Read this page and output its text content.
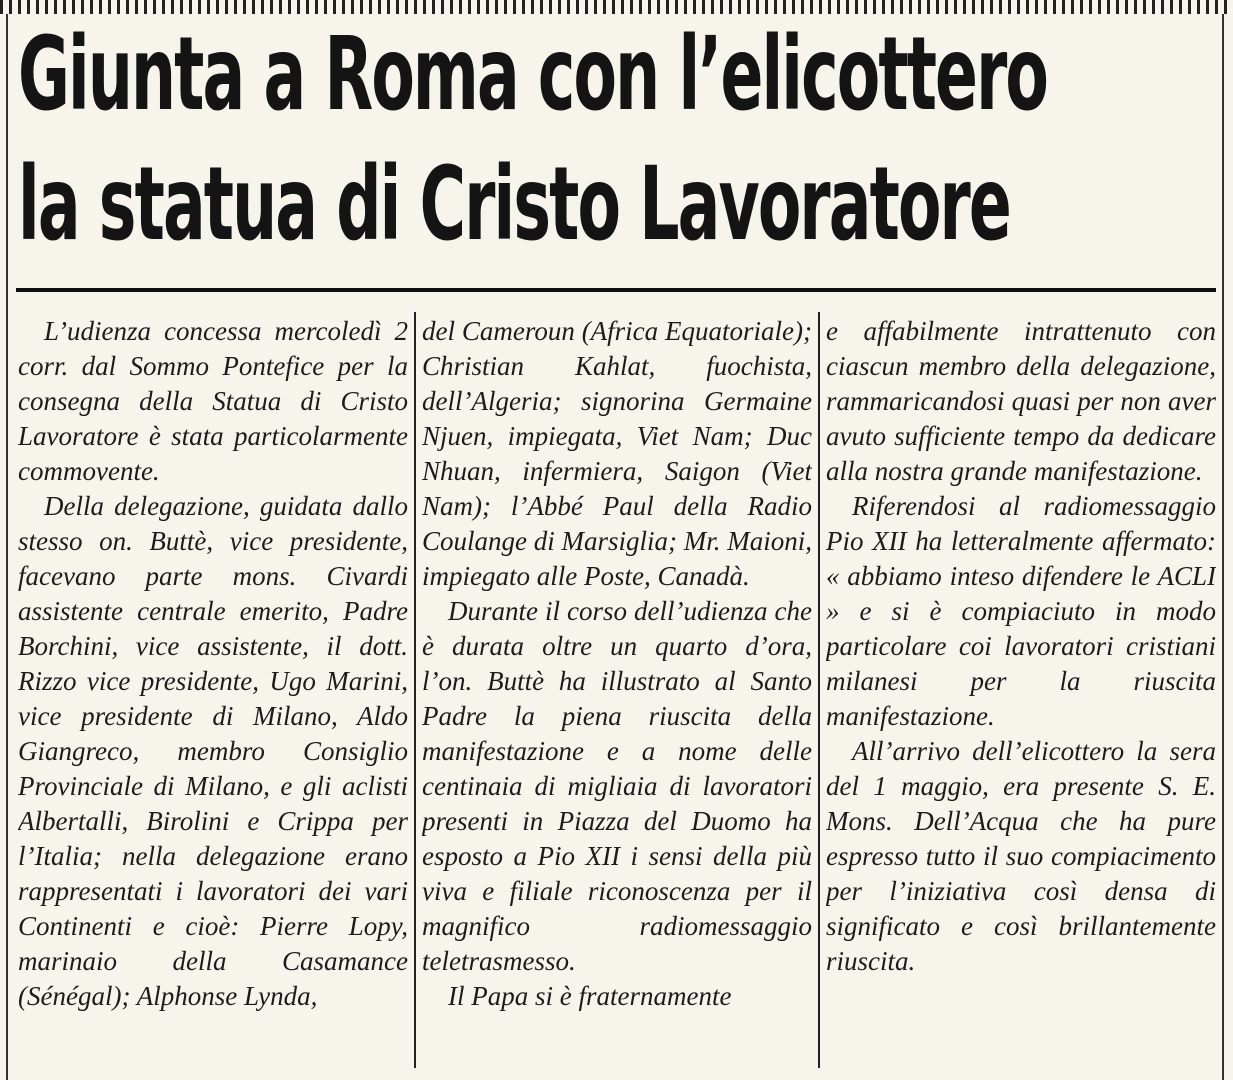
Giunta a Roma con l’elicottero
la statua di Cristo Lavoratore

L’udienza concessa mercoledì 2 corr. dal Sommo Pontefice per la consegna della Statua di Cristo Lavoratore è stata particolarmente commovente.

Della delegazione, guidata dallo stesso on. Buttè, vice presidente, facevano parte mons. Civardi assistente centrale emerito, Padre Borchini, vice assistente, il dott. Rizzo vice presidente, Ugo Marini, vice presidente di Milano, Aldo Giangreco, membro Consiglio Provinciale di Milano, e gli aclisti Albertalli, Birolini e Crippa per l’Italia; nella delegazione erano rappresentati i lavoratori dei vari Continenti e cioè: Pierre Lopy, marinaio della Casamance (Sénégal); Alphonse Lynda,

del Cameroun (Africa Equatoriale); Christian Kahlat, fuochista, dell’Algeria; signorina Germaine Njuen, impiegata, Viet Nam; Duc Nhuan, infermiera, Saigon (Viet Nam); l’Abbé Paul della Radio Coulange di Marsiglia; Mr. Maioni, impiegato alle Poste, Canadà.

Durante il corso dell’udienza che è durata oltre un quarto d’ora, l’on. Buttè ha illustrato al Santo Padre la piena riuscita della manifestazione e a nome delle centinaia di migliaia di lavoratori presenti in Piazza del Duomo ha esposto a Pio XII i sensi della più viva e filiale riconoscenza per il magnifico radiomessaggio teletrasmesso.

Il Papa si è fraternamente

e affabilmente intrattenuto con ciascun membro della delegazione, rammaricandosi quasi per non aver avuto sufficiente tempo da dedicare alla nostra grande manifestazione.

Riferendosi al radiomessaggio Pio XII ha letteralmente affermato: « abbiamo inteso difendere le ACLI » e si è compiaciuto in modo particolare coi lavoratori cristiani milanesi per la riuscita manifestazione.

All’arrivo dell’elicottero la sera del 1 maggio, era presente S. E. Mons. Dell’Acqua che ha pure espresso tutto il suo compiacimento per l’iniziativa così densa di significato e così brillantemente riuscita.
